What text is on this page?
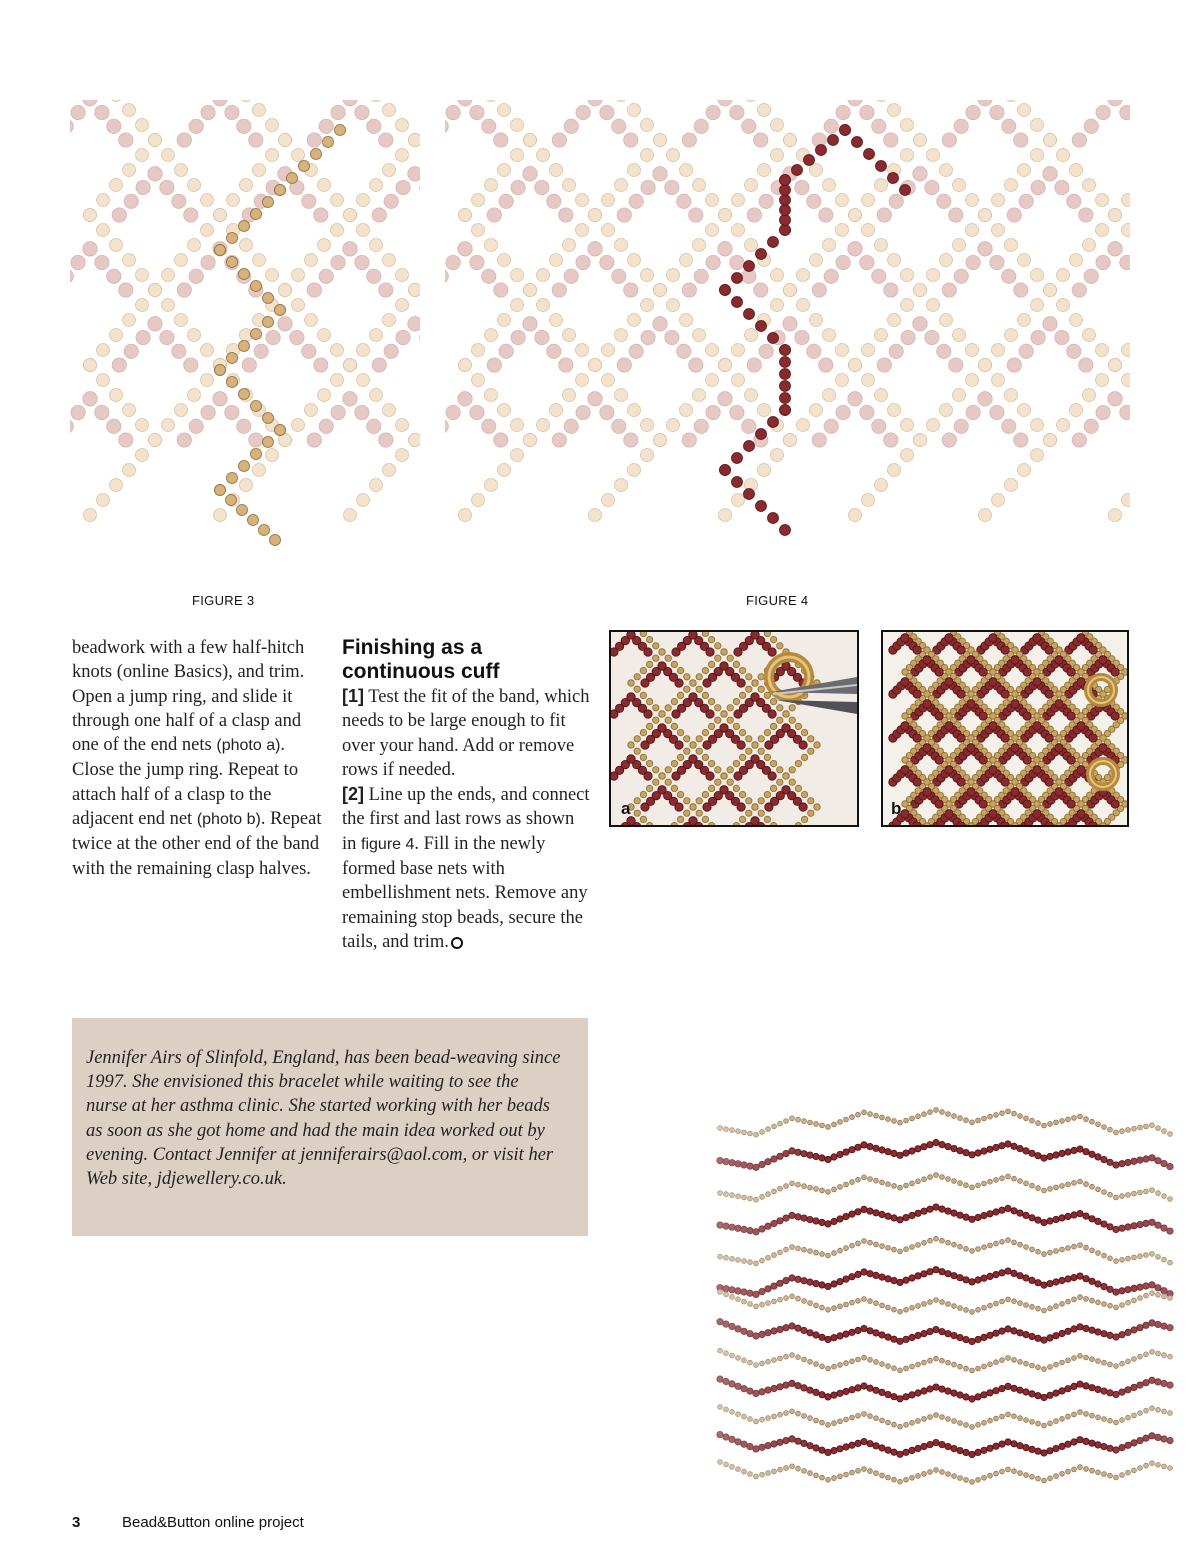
FIGURE 3	FIGURE 4
beadwork with a few half-hitch knots (online Basics), and trim. Open a jump ring, and slide it through one half of a clasp and one of the end nets (photo a). Close the jump ring. Repeat to attach half of a clasp to the adjacent end net (photo b). Repeat twice at the other end of the band with the remaining clasp halves.
Finishing as a
continuous cuff
[1] Test the fit of the band, which needs to be large enough to fit over your hand. Add or remove rows if needed.
[2] Line up the ends, and connect the first and last rows as shown in figure 4. Fill in the newly formed base nets with embellishment nets. Remove any remaining stop beads, secure the tails, and trim.
a	b

Jennifer Airs of Slinfold, England, has been bead-weaving since 1997. She envisioned this bracelet while waiting to see the nurse at her asthma clinic. She started working with her beads as soon as she got home and had the main idea worked out by evening. Contact Jennifer at jenniferairs@aol.com, or visit her Web site, jdjewellery.co.uk.

3	Bead&Button online project
